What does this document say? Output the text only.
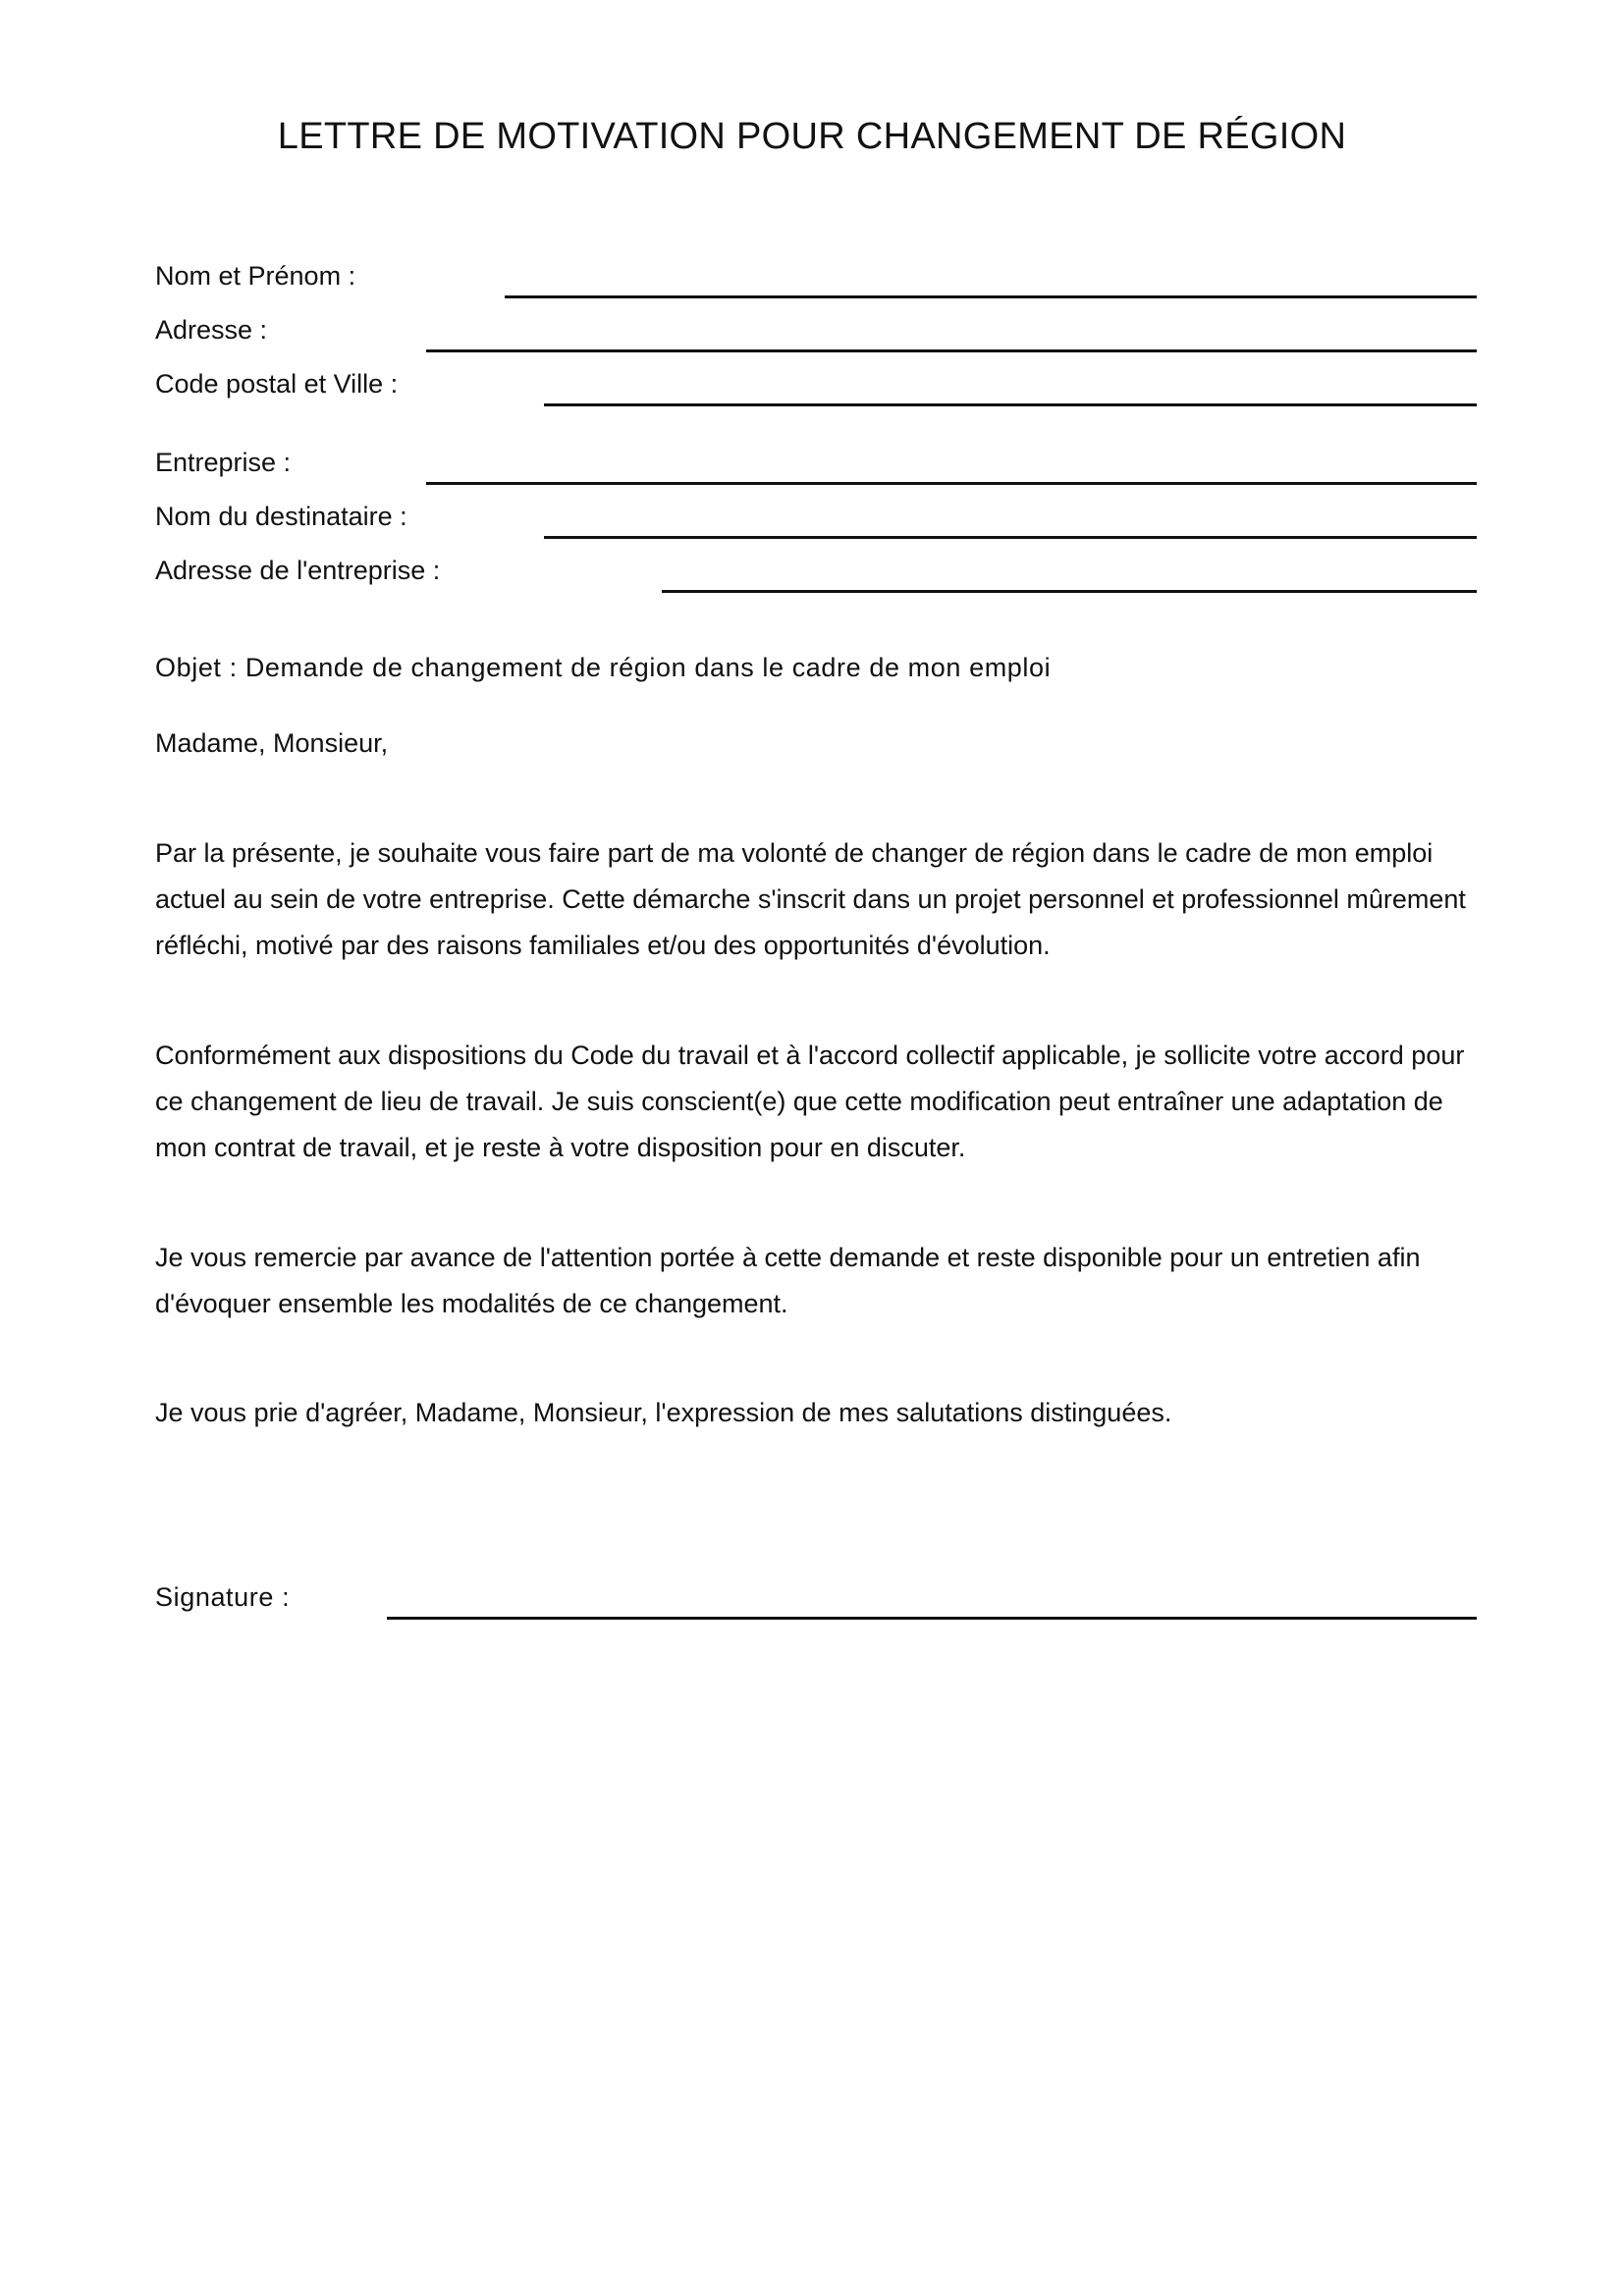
LETTRE DE MOTIVATION POUR CHANGEMENT DE RÉGION
Nom et Prénom :
Adresse :
Code postal et Ville :
Entreprise :
Nom du destinataire :
Adresse de l'entreprise :
Objet : Demande de changement de région dans le cadre de mon emploi
Madame, Monsieur,

Par la présente, je souhaite vous faire part de ma volonté de changer de région dans le cadre de mon emploi actuel au sein de votre entreprise. Cette démarche s'inscrit dans un projet personnel et professionnel mûrement réfléchi, motivé par des raisons familiales et/ou des opportunités d'évolution.

Conformément aux dispositions du Code du travail et à l'accord collectif applicable, je sollicite votre accord pour ce changement de lieu de travail. Je suis conscient(e) que cette modification peut entraîner une adaptation de mon contrat de travail, et je reste à votre disposition pour en discuter.

Je vous remercie par avance de l'attention portée à cette demande et reste disponible pour un entretien afin d'évoquer ensemble les modalités de ce changement.

Je vous prie d'agréer, Madame, Monsieur, l'expression de mes salutations distinguées.

Signature :
